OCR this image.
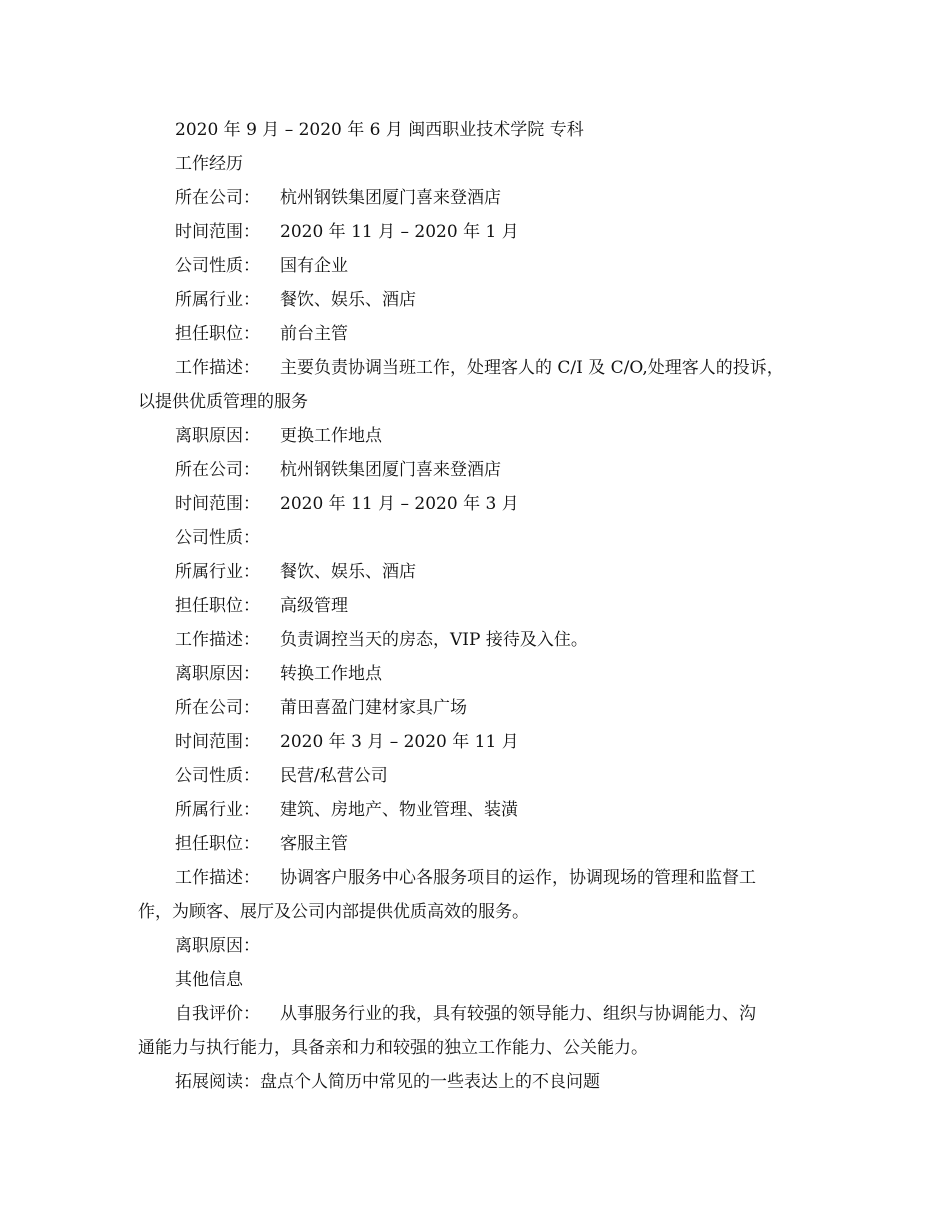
2020 年 9 月 – 2020 年 6 月 闽西职业技术学院 专科
工作经历
所在公司： 杭州钢铁集团厦门喜来登酒店
时间范围： 2020 年 11 月 – 2020 年 1 月
公司性质： 国有企业
所属行业： 餐饮、娱乐、酒店
担任职位： 前台主管
工作描述： 主要负责协调当班工作，处理客人的 C/I 及 C/O,处理客人的投诉，
以提供优质管理的服务
离职原因： 更换工作地点
所在公司： 杭州钢铁集团厦门喜来登酒店
时间范围： 2020 年 11 月 – 2020 年 3 月
公司性质：
所属行业： 餐饮、娱乐、酒店
担任职位： 高级管理
工作描述： 负责调控当天的房态，VIP 接待及入住。
离职原因： 转换工作地点
所在公司： 莆田喜盈门建材家具广场
时间范围： 2020 年 3 月 – 2020 年 11 月
公司性质： 民营/私营公司
所属行业： 建筑、房地产、物业管理、装潢
担任职位： 客服主管
工作描述： 协调客户服务中心各服务项目的运作，协调现场的管理和监督工
作，为顾客、展厅及公司内部提供优质高效的服务。
离职原因：
其他信息
自我评价： 从事服务行业的我，具有较强的领导能力、组织与协调能力、沟
通能力与执行能力，具备亲和力和较强的独立工作能力、公关能力。
拓展阅读：盘点个人简历中常见的一些表达上的不良问题
